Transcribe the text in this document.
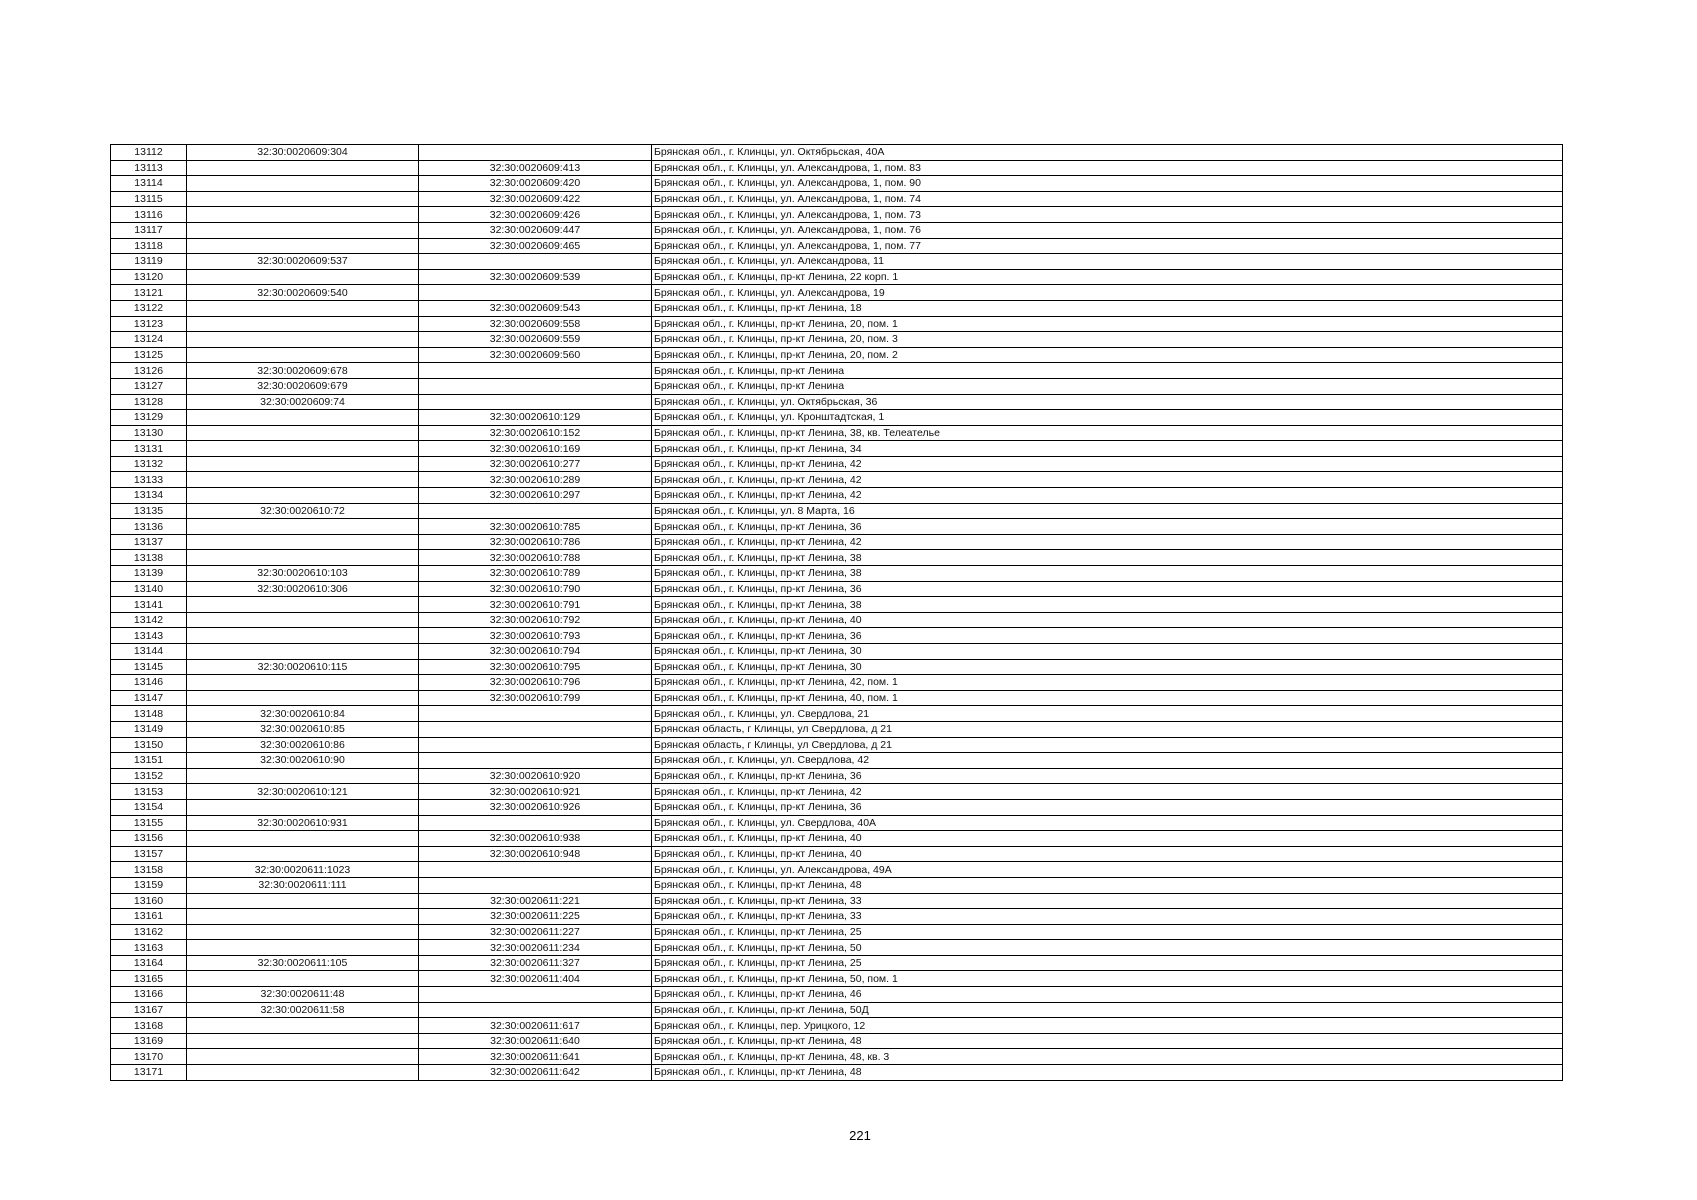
13112	32:30:0020609:304		Брянская обл., г. Клинцы, ул. Октябрьская, 40А
13113		32:30:0020609:413	Брянская обл., г. Клинцы, ул. Александрова, 1, пом. 83
13114		32:30:0020609:420	Брянская обл., г. Клинцы, ул. Александрова, 1, пом. 90
13115		32:30:0020609:422	Брянская обл., г. Клинцы, ул. Александрова, 1, пом. 74
13116		32:30:0020609:426	Брянская обл., г. Клинцы, ул. Александрова, 1, пом. 73
13117		32:30:0020609:447	Брянская обл., г. Клинцы, ул. Александрова, 1, пом. 76
13118		32:30:0020609:465	Брянская обл., г. Клинцы, ул. Александрова, 1, пом. 77
13119	32:30:0020609:537		Брянская обл., г. Клинцы, ул. Александрова, 11
13120		32:30:0020609:539	Брянская обл., г. Клинцы, пр-кт Ленина, 22 корп. 1
13121	32:30:0020609:540		Брянская обл., г. Клинцы, ул. Александрова, 19
13122		32:30:0020609:543	Брянская обл., г. Клинцы, пр-кт Ленина, 18
13123		32:30:0020609:558	Брянская обл., г. Клинцы, пр-кт Ленина, 20, пом. 1
13124		32:30:0020609:559	Брянская обл., г. Клинцы, пр-кт Ленина, 20, пом. 3
13125		32:30:0020609:560	Брянская обл., г. Клинцы, пр-кт Ленина, 20, пом. 2
13126	32:30:0020609:678		Брянская обл., г. Клинцы, пр-кт Ленина
13127	32:30:0020609:679		Брянская обл., г. Клинцы, пр-кт Ленина
13128	32:30:0020609:74		Брянская обл., г. Клинцы, ул. Октябрьская, 36
13129		32:30:0020610:129	Брянская обл., г. Клинцы, ул. Кронштадтская, 1
13130		32:30:0020610:152	Брянская обл., г. Клинцы, пр-кт Ленина, 38, кв. Телеателье
13131		32:30:0020610:169	Брянская обл., г. Клинцы, пр-кт Ленина, 34
13132		32:30:0020610:277	Брянская обл., г. Клинцы, пр-кт Ленина, 42
13133		32:30:0020610:289	Брянская обл., г. Клинцы, пр-кт Ленина, 42
13134		32:30:0020610:297	Брянская обл., г. Клинцы, пр-кт Ленина, 42
13135	32:30:0020610:72		Брянская обл., г. Клинцы, ул. 8 Марта, 16
13136		32:30:0020610:785	Брянская обл., г. Клинцы, пр-кт Ленина, 36
13137		32:30:0020610:786	Брянская обл., г. Клинцы, пр-кт Ленина, 42
13138		32:30:0020610:788	Брянская обл., г. Клинцы, пр-кт Ленина, 38
13139	32:30:0020610:103	32:30:0020610:789	Брянская обл., г. Клинцы, пр-кт Ленина, 38
13140	32:30:0020610:306	32:30:0020610:790	Брянская обл., г. Клинцы, пр-кт Ленина, 36
13141		32:30:0020610:791	Брянская обл., г. Клинцы, пр-кт Ленина, 38
13142		32:30:0020610:792	Брянская обл., г. Клинцы, пр-кт Ленина, 40
13143		32:30:0020610:793	Брянская обл., г. Клинцы, пр-кт Ленина, 36
13144		32:30:0020610:794	Брянская обл., г. Клинцы, пр-кт Ленина, 30
13145	32:30:0020610:115	32:30:0020610:795	Брянская обл., г. Клинцы, пр-кт Ленина, 30
13146		32:30:0020610:796	Брянская обл., г. Клинцы, пр-кт Ленина, 42, пом. 1
13147		32:30:0020610:799	Брянская обл., г. Клинцы, пр-кт Ленина, 40, пом. 1
13148	32:30:0020610:84		Брянская обл., г. Клинцы, ул. Свердлова, 21
13149	32:30:0020610:85		Брянская область, г Клинцы, ул Свердлова, д 21
13150	32:30:0020610:86		Брянская область, г Клинцы, ул Свердлова, д 21
13151	32:30:0020610:90		Брянская обл., г. Клинцы, ул. Свердлова, 42
13152		32:30:0020610:920	Брянская обл., г. Клинцы, пр-кт Ленина, 36
13153	32:30:0020610:121	32:30:0020610:921	Брянская обл., г. Клинцы, пр-кт Ленина, 42
13154		32:30:0020610:926	Брянская обл., г. Клинцы, пр-кт Ленина, 36
13155	32:30:0020610:931		Брянская обл., г. Клинцы, ул. Свердлова, 40А
13156		32:30:0020610:938	Брянская обл., г. Клинцы, пр-кт Ленина, 40
13157		32:30:0020610:948	Брянская обл., г. Клинцы, пр-кт Ленина, 40
13158	32:30:0020611:1023		Брянская обл., г. Клинцы, ул. Александрова, 49А
13159	32:30:0020611:111		Брянская обл., г. Клинцы, пр-кт Ленина, 48
13160		32:30:0020611:221	Брянская обл., г. Клинцы, пр-кт Ленина, 33
13161		32:30:0020611:225	Брянская обл., г. Клинцы, пр-кт Ленина, 33
13162		32:30:0020611:227	Брянская обл., г. Клинцы, пр-кт Ленина, 25
13163		32:30:0020611:234	Брянская обл., г. Клинцы, пр-кт Ленина, 50
13164	32:30:0020611:105	32:30:0020611:327	Брянская обл., г. Клинцы, пр-кт Ленина, 25
13165		32:30:0020611:404	Брянская обл., г. Клинцы, пр-кт Ленина, 50, пом. 1
13166	32:30:0020611:48		Брянская обл., г. Клинцы, пр-кт Ленина, 46
13167	32:30:0020611:58		Брянская обл., г. Клинцы, пр-кт Ленина, 50Д
13168		32:30:0020611:617	Брянская обл., г. Клинцы, пер. Урицкого, 12
13169		32:30:0020611:640	Брянская обл., г. Клинцы, пр-кт Ленина, 48
13170		32:30:0020611:641	Брянская обл., г. Клинцы, пр-кт Ленина, 48, кв. 3
13171		32:30:0020611:642	Брянская обл., г. Клинцы, пр-кт Ленина, 48
221
